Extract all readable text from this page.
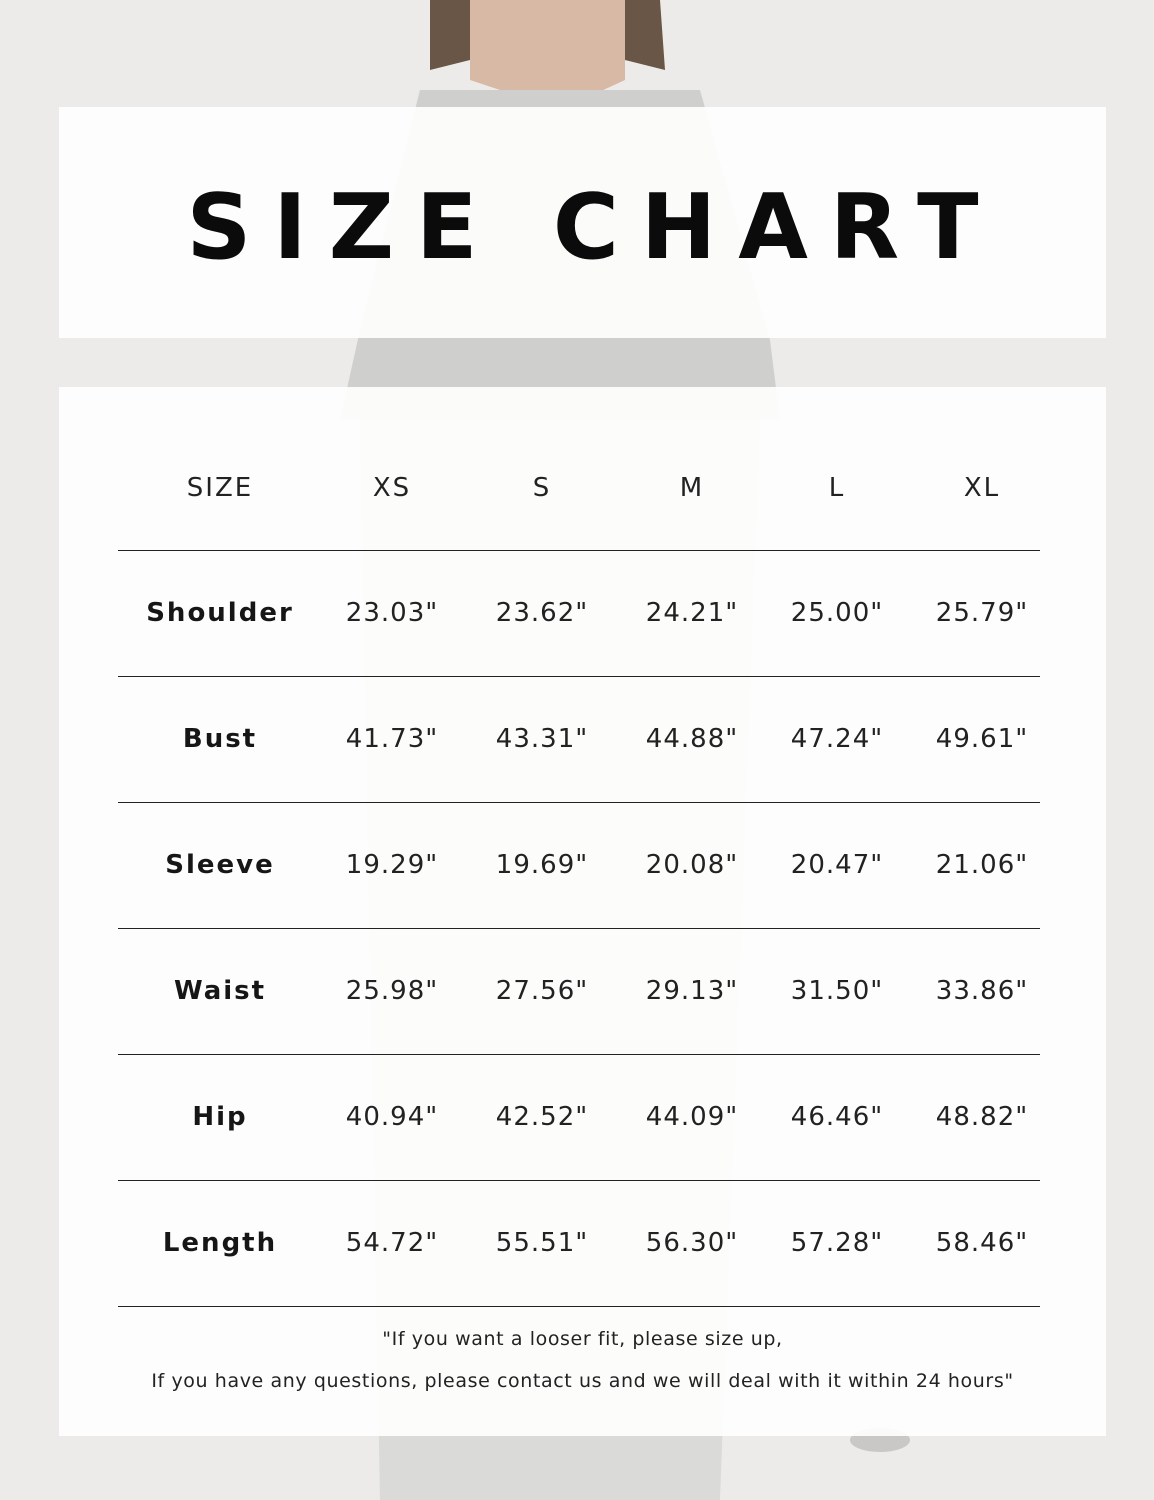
SIZE CHART
SIZE	XS	S	M	L	XL
Shoulder	23.03"	23.62"	24.21"	25.00"	25.79"
Bust	41.73"	43.31"	44.88"	47.24"	49.61"
Sleeve	19.29"	19.69"	20.08"	20.47"	21.06"
Waist	25.98"	27.56"	29.13"	31.50"	33.86"
Hip	40.94"	42.52"	44.09"	46.46"	48.82"
Length	54.72"	55.51"	56.30"	57.28"	58.46"
"If you want a looser fit, please size up,
If you have any questions, please contact us and we will deal with it within 24 hours"
